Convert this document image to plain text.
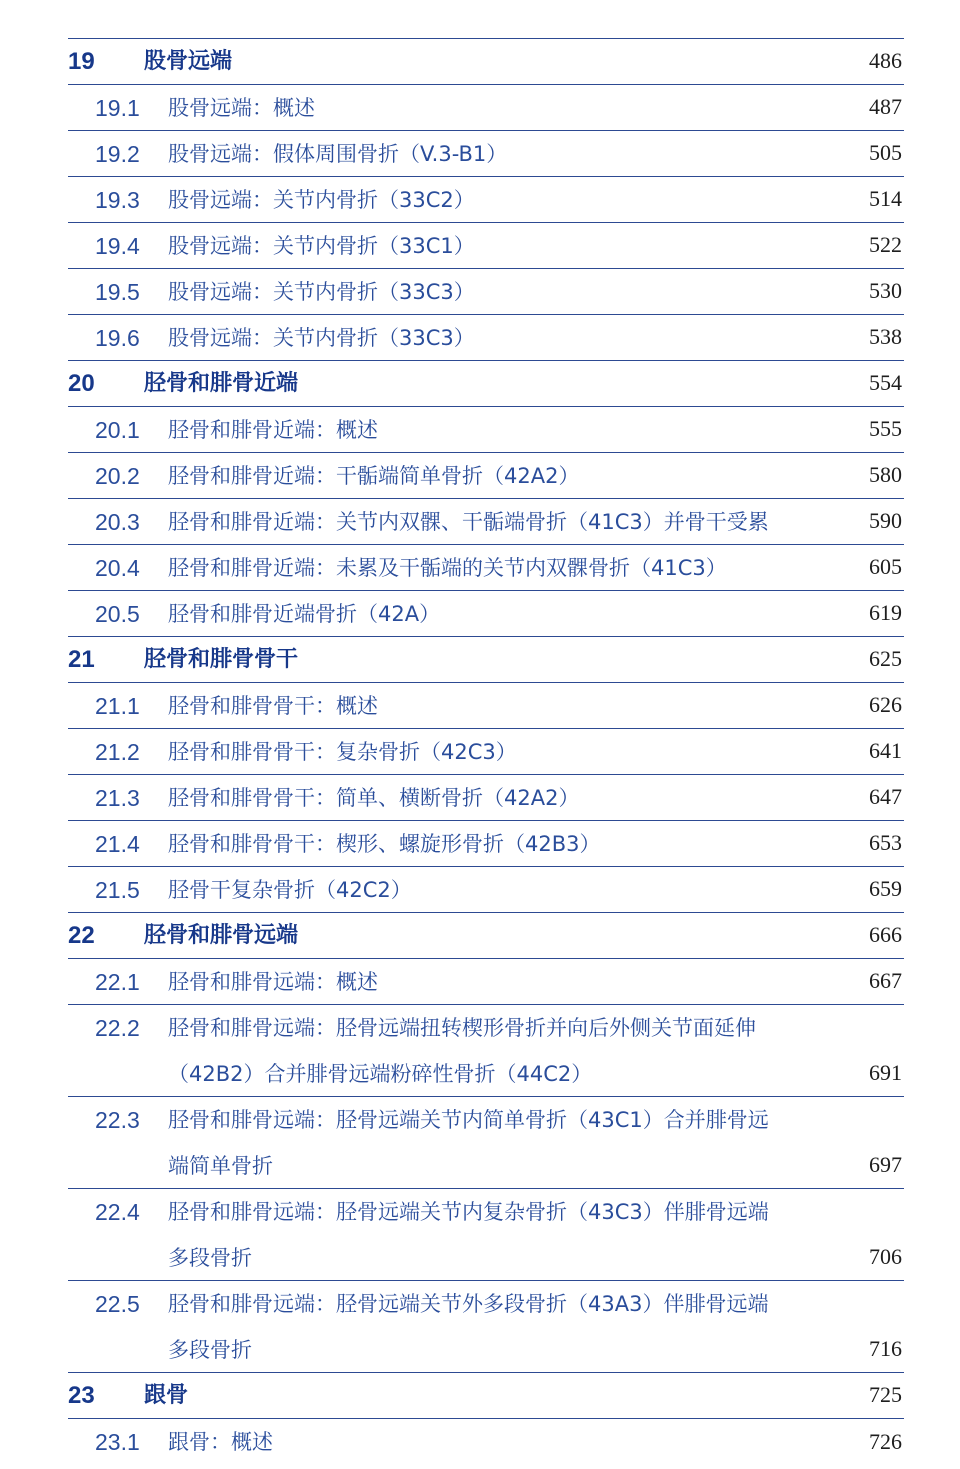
19 股骨远端	486
19.1 股骨远端：概述	487
19.2 股骨远端：假体周围骨折（V.3-B1）	505
19.3 股骨远端：关节内骨折（33C2）	514
19.4 股骨远端：关节内骨折（33C1）	522
19.5 股骨远端：关节内骨折（33C3）	530
19.6 股骨远端：关节内骨折（33C3）	538
20 胫骨和腓骨近端	554
20.1 胫骨和腓骨近端：概述	555
20.2 胫骨和腓骨近端：干骺端简单骨折（42A2）	580
20.3 胫骨和腓骨近端：关节内双髁、干骺端骨折（41C3）并骨干受累	590
20.4 胫骨和腓骨近端：未累及干骺端的关节内双髁骨折（41C3）	605
20.5 胫骨和腓骨近端骨折（42A）	619
21 胫骨和腓骨骨干	625
21.1 胫骨和腓骨骨干：概述	626
21.2 胫骨和腓骨骨干：复杂骨折（42C3）	641
21.3 胫骨和腓骨骨干：简单、横断骨折（42A2）	647
21.4 胫骨和腓骨骨干：楔形、螺旋形骨折（42B3）	653
21.5 胫骨干复杂骨折（42C2）	659
22 胫骨和腓骨远端	666
22.1 胫骨和腓骨远端：概述	667
22.2 胫骨和腓骨远端：胫骨远端扭转楔形骨折并向后外侧关节面延伸
（42B2）合并腓骨远端粉碎性骨折（44C2）	691
22.3 胫骨和腓骨远端：胫骨远端关节内简单骨折（43C1）合并腓骨远
端简单骨折	697
22.4 胫骨和腓骨远端：胫骨远端关节内复杂骨折（43C3）伴腓骨远端
多段骨折	706
22.5 胫骨和腓骨远端：胫骨远端关节外多段骨折（43A3）伴腓骨远端
多段骨折	716
23 跟骨	725
23.1 跟骨：概述	726
